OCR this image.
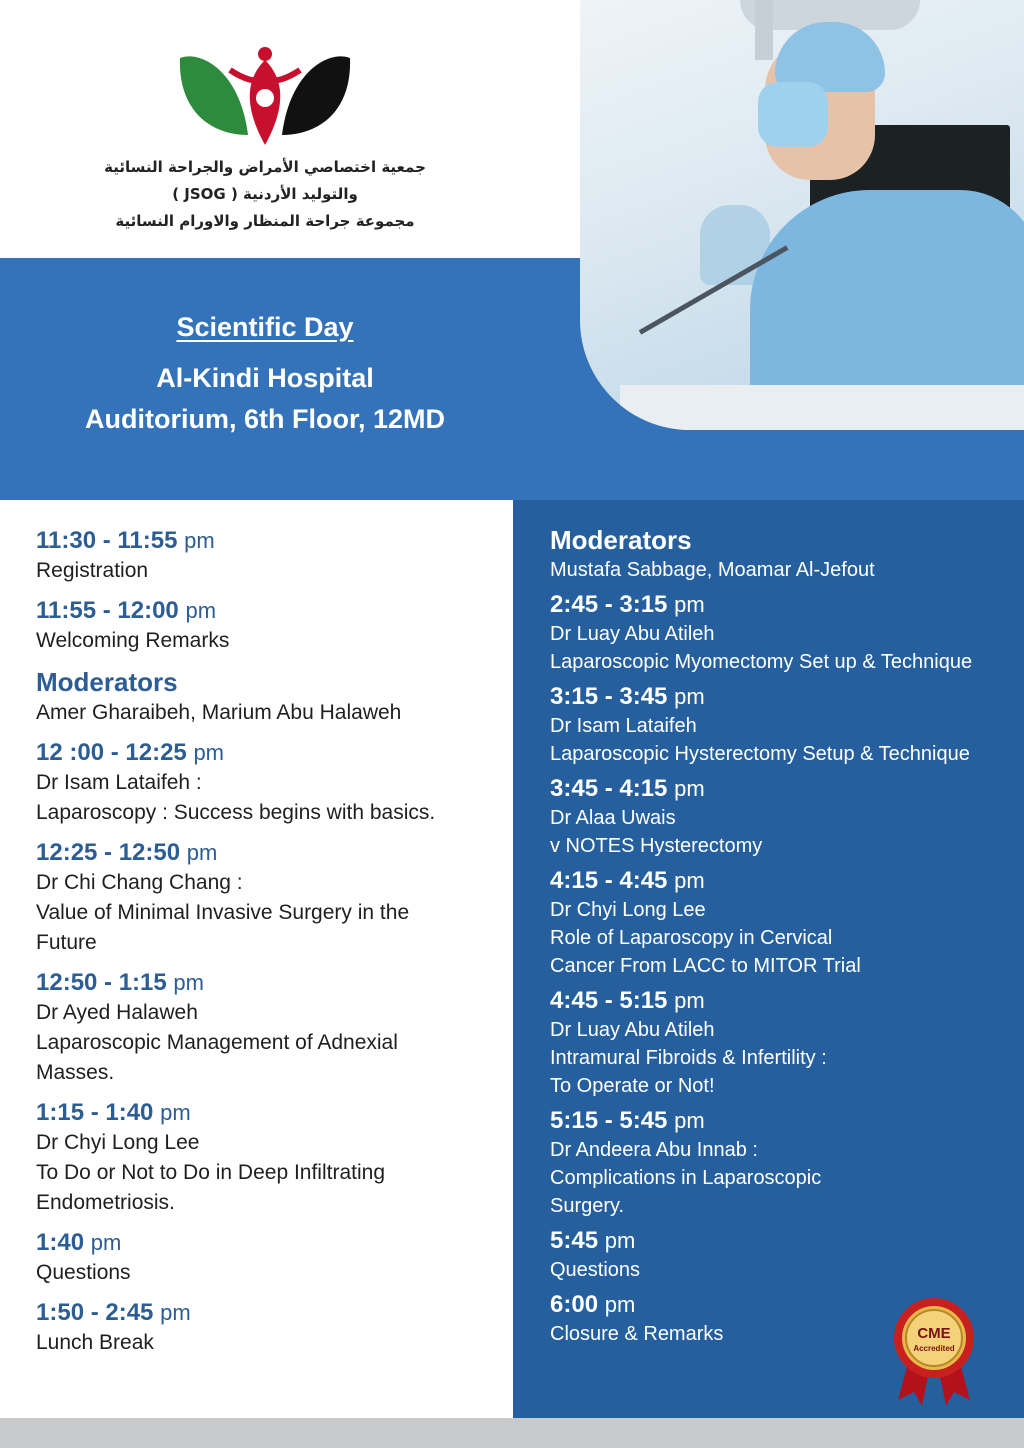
جمعية اختصاصي الأمراض والجراحة النسائية
والتوليد الأردنية ( JSOG )
مجموعة جراحة المنظار والاورام النسائية
Scientific Day
Al-Kindi Hospital
Auditorium, 6th Floor, 12MD
11:30 - 11:55 pm
Registration
11:55 - 12:00 pm
Welcoming Remarks
Moderators
Amer Gharaibeh, Marium Abu Halaweh
12 :00 - 12:25 pm
Dr Isam Lataifeh :
Laparoscopy : Success begins with basics.
12:25 - 12:50 pm
Dr Chi Chang Chang :
Value of Minimal Invasive Surgery in the
Future
12:50 - 1:15 pm
Dr Ayed Halaweh
Laparoscopic Management of Adnexial
Masses.
1:15 - 1:40 pm
Dr Chyi Long Lee
To Do or Not to Do in Deep Infiltrating
Endometriosis.
1:40 pm
Questions
1:50 - 2:45 pm
Lunch Break
Moderators
Mustafa Sabbage, Moamar Al-Jefout
2:45 - 3:15 pm
Dr Luay Abu Atileh
Laparoscopic Myomectomy Set up & Technique
3:15 - 3:45 pm
Dr Isam Lataifeh
Laparoscopic Hysterectomy Setup & Technique
3:45 - 4:15 pm
Dr Alaa Uwais
v NOTES Hysterectomy
4:15 - 4:45 pm
Dr Chyi Long Lee
Role of Laparoscopy in Cervical
Cancer From LACC to MITOR Trial
4:45 - 5:15 pm
Dr Luay Abu Atileh
Intramural Fibroids & Infertility :
To Operate or Not!
5:15 - 5:45 pm
Dr Andeera Abu Innab :
Complications in Laparoscopic
Surgery.
5:45 pm
Questions
6:00 pm
Closure & Remarks	CME
Accredited
